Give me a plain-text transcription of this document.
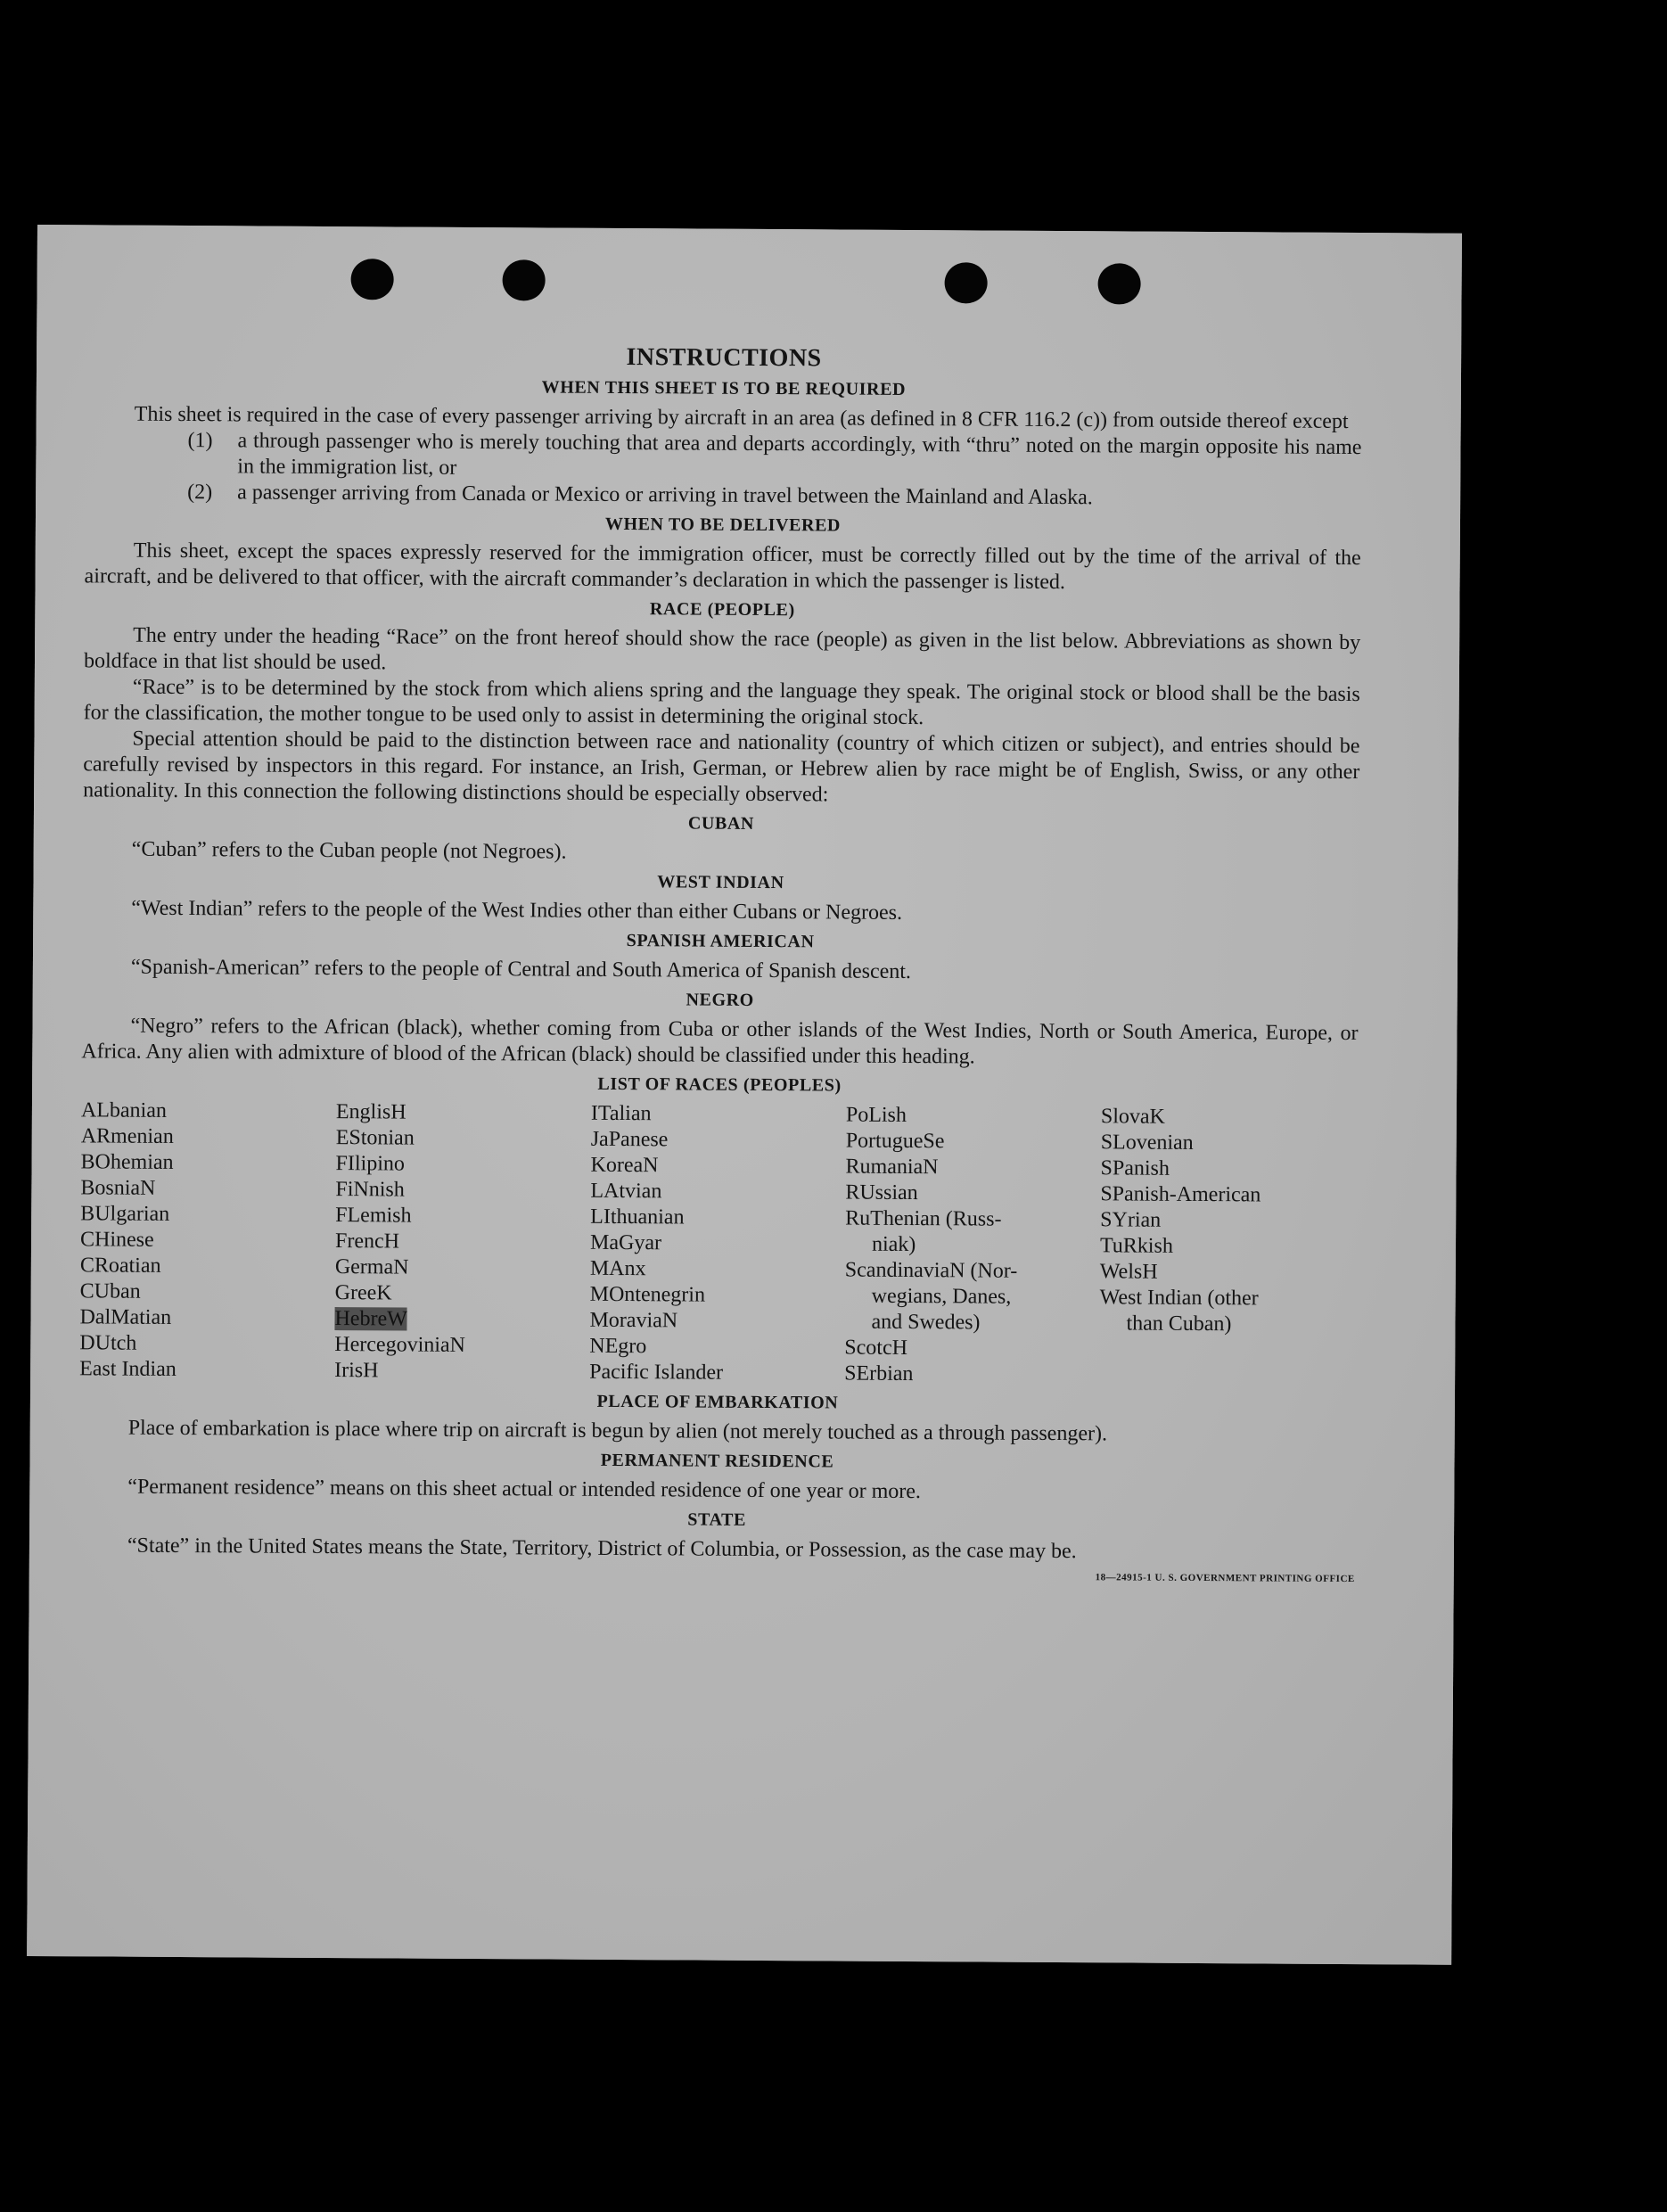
INSTRUCTIONS
WHEN THIS SHEET IS TO BE REQUIRED

This sheet is required in the case of every passenger arriving by aircraft in an area (as defined in 8 CFR 116.2 (c)) from outside thereof except

(1)	a through passenger who is merely touching that area and departs accordingly, with “thru” noted on the margin opposite his name in the immigration list, or
(2)	a passenger arriving from Canada or Mexico or arriving in travel between the Mainland and Alaska.
WHEN TO BE DELIVERED

This sheet, except the spaces expressly reserved for the immigration officer, must be correctly filled out by the time of the arrival of the aircraft, and be delivered to that officer, with the aircraft commander’s declaration in which the passenger is listed.

RACE (PEOPLE)

The entry under the heading “Race” on the front hereof should show the race (people) as given in the list below. Abbreviations as shown by boldface in that list should be used.

“Race” is to be determined by the stock from which aliens spring and the language they speak. The original stock or blood shall be the basis for the classification, the mother tongue to be used only to assist in determining the original stock.

Special attention should be paid to the distinction between race and nationality (country of which citizen or subject), and entries should be carefully revised by inspectors in this regard. For instance, an Irish, German, or Hebrew alien by race might be of English, Swiss, or any other nationality. In this connection the following distinctions should be especially observed:

CUBAN

“Cuban” refers to the Cuban people (not Negroes).

WEST INDIAN

“West Indian” refers to the people of the West Indies other than either Cubans or Negroes.

SPANISH AMERICAN

“Spanish-American” refers to the people of Central and South America of Spanish descent.

NEGRO

“Negro” refers to the African (black), whether coming from Cuba or other islands of the West Indies, North or South America, Europe, or Africa. Any alien with admixture of blood of the African (black) should be classified under this heading.

LIST OF RACES (PEOPLES)
ALbanian
ARmenian
BOhemian
BosniaN
BUlgarian
CHinese
CRoatian
CUban
DalMatian
DUtch
East Indian
EnglisH
EStonian
FIlipino
FiNnish
FLemish
FrencH
GermaN
GreeK
HebreW
HercegoviniaN
IrisH
ITalian
JaPanese
KoreaN
LAtvian
LIthuanian
MaGyar
MAnx
MOntenegrin
MoraviaN
NEgro
Pacific Islander
PoLish
PortugueSe
RumaniaN
RUssian
RuThenian (Russ-
niak)
ScandinaviaN (Nor-
wegians, Danes,
and Swedes)
ScotcH
SErbian
SlovaK
SLovenian
SPanish
SPanish-American
SYrian
TuRkish
WelsH
West Indian (other
than Cuban)
PLACE OF EMBARKATION

Place of embarkation is place where trip on aircraft is begun by alien (not merely touched as a through passenger).

PERMANENT RESIDENCE

“Permanent residence” means on this sheet actual or intended residence of one year or more.

STATE

“State” in the United States means the State, Territory, District of Columbia, or Possession, as the case may be.

18—24915-1 U. S. GOVERNMENT PRINTING OFFICE
